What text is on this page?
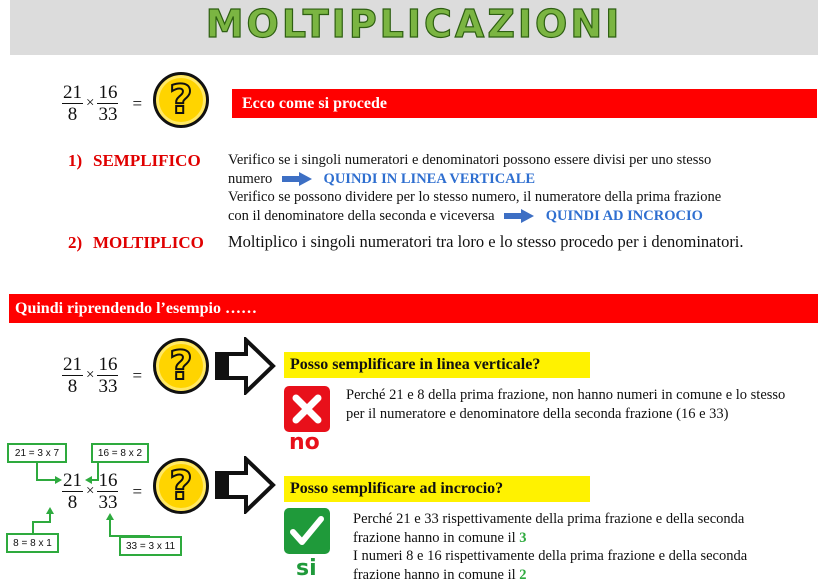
MOLTIPLICAZIONI
$\frac{21}{8} \times \frac{16}{33}$ = ?	Ecco come si procede
1) SEMPLIFICO Verifico se i singoli numeratori e denominatori possono essere divisi per uno stesso
numero	QUINDI IN LINEA VERTICALE
Verifico se possono dividere per lo stesso numero, il numeratore della prima frazione
con il denominatore della seconda e viceversa	QUINDI AD INCROCIO
2) MOLTIPLICO Moltiplico i singoli numeratori tra loro e lo stesso procedo per i denominatori.
Quindi riprendendo l’esempio ……
$\frac{21}{8} \times \frac{16}{33}$ = ?	Posso semplificare in linea verticale?
no
Perché 21 e 8 della prima frazione, non hanno numeri in comune e lo stesso per il numeratore e denominatore della seconda frazione (16 e 33)
21 = 3 x 7	16 = 8 x 2
8 = 8 x 1	33 = 3 x 11
$\frac{21}{8} \times \frac{16}{33}$ = ?	Posso semplificare ad incrocio?
si
Perché 21 e 33 rispettivamente della prima frazione e della seconda
frazione hanno in comune il 3
I numeri 8 e 16 rispettivamente della prima frazione e della seconda
frazione hanno in comune il 2
